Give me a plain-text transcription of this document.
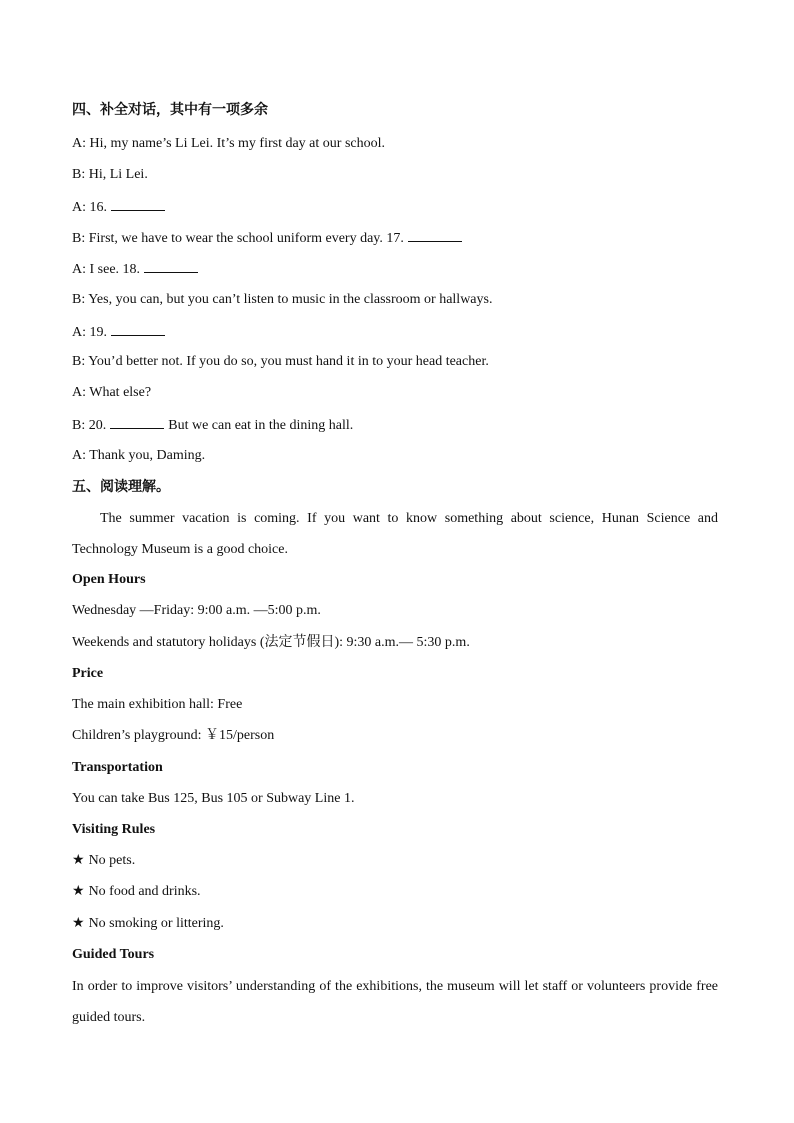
四、补全对话，其中有一项多余
A: Hi, my name’s Li Lei. It’s my first day at our school.
B: Hi, Li Lei.
A: 16.
B: First, we have to wear the school uniform every day. 17.
A: I see. 18.
B: Yes, you can, but you can’t listen to music in the classroom or hallways.
A: 19.
B: You’d better not. If you do so, you must hand it in to your head teacher.
A: What else?
B: 20.	But we can eat in the dining hall.
A: Thank you, Daming.
五、阅读理解。
The summer vacation is coming. If you want to know something about science, Hunan Science and Technology Museum is a good choice.
Open Hours
Wednesday —Friday: 9:00 a.m. —5:00 p.m.
Weekends and statutory holidays (法定节假日): 9:30 a.m.— 5:30 p.m.
Price
The main exhibition hall: Free
Children’s playground: ￥15/person
Transportation
You can take Bus 125, Bus 105 or Subway Line 1.
Visiting Rules
★ No pets.
★ No food and drinks.
★ No smoking or littering.
Guided Tours
In order to improve visitors’ understanding of the exhibitions, the museum will let staff or volunteers provide free guided tours.
